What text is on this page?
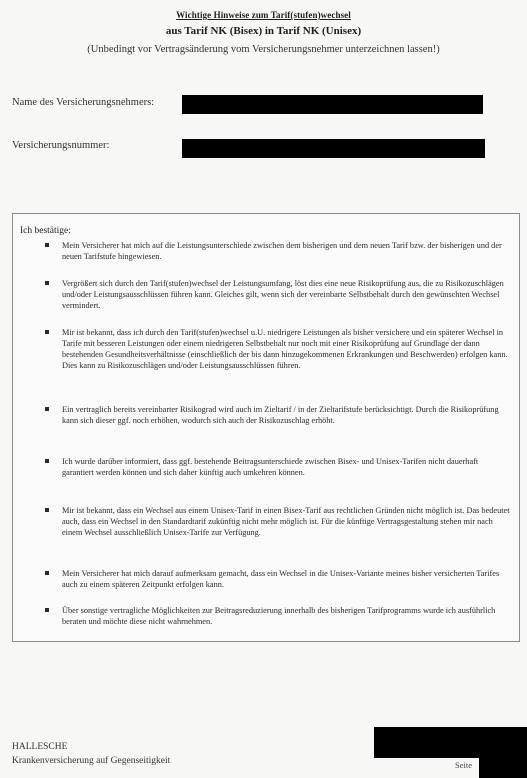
Wichtige Hinweise zum Tarif(stufen)wechsel
aus Tarif NK (Bisex) in Tarif NK (Unisex)
(Unbedingt vor Vertragsänderung vom Versicherungsnehmer unterzeichnen lassen!)
Name des Versicherungsnehmers:
Versicherungsnummer:
Ich bestätige:
Mein Versicherer hat mich auf die Leistungsunterschiede zwischen dem bisherigen und dem neuen Tarif bzw. der bisherigen und der neuen Tarifstufe hingewiesen.
Vergrößert sich durch den Tarif(stufen)wechsel der Leistungsumfang, löst dies eine neue Risikoprüfung aus, die zu Risikozuschlägen und/oder Leistungsausschlüssen führen kann. Gleiches gilt, wenn sich der vereinbarte Selbstbehalt durch den gewünschten Wechsel vermindert.
Mir ist bekannt, dass ich durch den Tarif(stufen)wechsel u.U. niedrigere Leistungen als bisher versichere und ein späterer Wechsel in Tarife mit besseren Leistungen oder einem niedrigeren Selbstbehalt nur noch mit einer Risikoprüfung auf Grundlage der dann bestehenden Gesundheitsverhältnisse (einschließlich der bis dann hinzugekommenen Erkrankungen und Beschwerden) erfolgen kann. Dies kann zu Risikozuschlägen und/oder Leistungsausschlüssen führen.
Ein vertraglich bereits vereinbarter Risikograd wird auch im Zieltarif / in der Zieltarifstufe berücksichtigt. Durch die Risikoprüfung kann sich dieser ggf. noch erhöhen, wodurch sich auch der Risikozuschlag erhöht.
Ich wurde darüber informiert, dass ggf. bestehende Beitragsunterschiede zwischen Bisex- und Unisex-Tarifen nicht dauerhaft garantiert werden können und sich daher künftig auch umkehren können.
Mir ist bekannt, dass ein Wechsel aus einem Unisex-Tarif in einen Bisex-Tarif aus rechtlichen Gründen nicht möglich ist. Das bedeutet auch, dass ein Wechsel in den Standardtarif zukünftig nicht mehr möglich ist. Für die künftige Vertragsgestaltung stehen mir nach einem Wechsel ausschließlich Unisex-Tarife zur Verfügung.
Mein Versicherer hat mich darauf aufmerksam gemacht, dass ein Wechsel in die Unisex-Variante meines bisher versicherten Tarifes auch zu einem späteren Zeitpunkt erfolgen kann.
Über sonstige vertragliche Möglichkeiten zur Beitragsreduzierung innerhalb des bisherigen Tarifprogramms wurde ich ausführlich beraten und möchte diese nicht wahrnehmen.
HALLESCHE
Krankenversicherung auf Gegenseitigkeit	Seite
